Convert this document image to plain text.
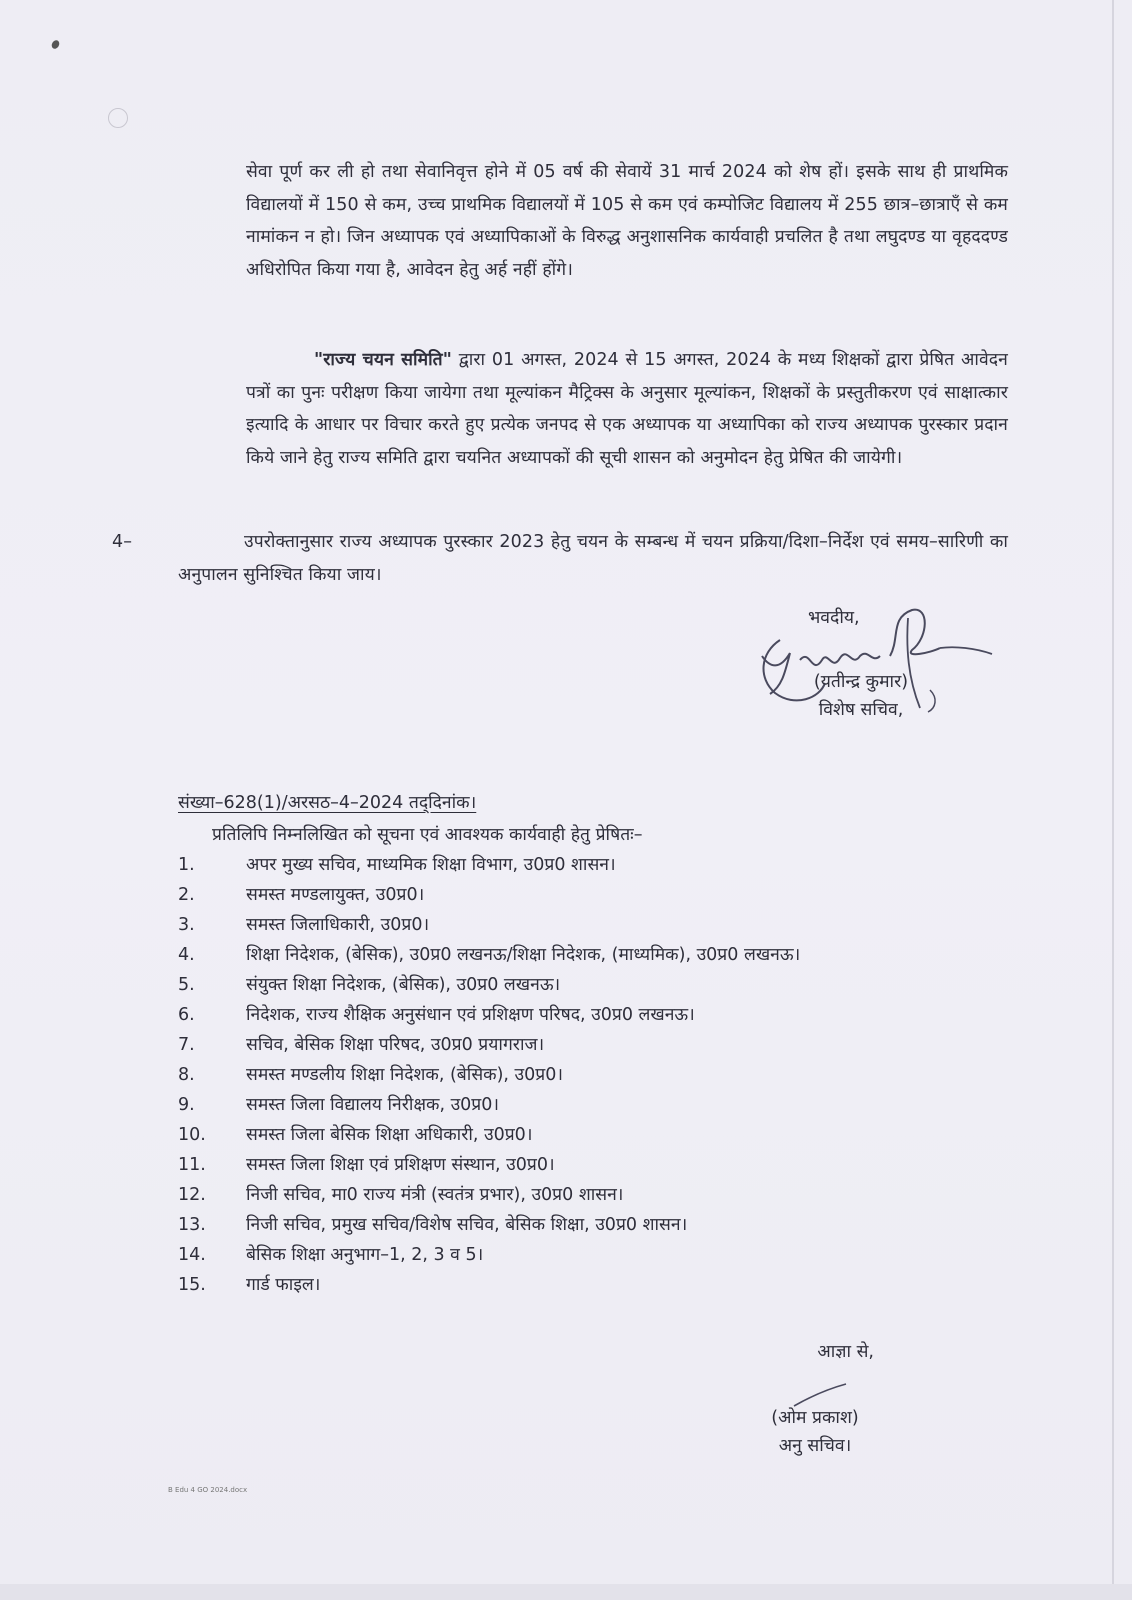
सेवा पूर्ण कर ली हो तथा सेवानिवृत्त होने में 05 वर्ष की सेवायें 31 मार्च 2024 को शेष हों। इसके साथ ही प्राथमिक विद्यालयों में 150 से कम, उच्च प्राथमिक विद्यालयों में 105 से कम एवं कम्पोजिट विद्यालय में 255 छात्र–छात्राएँ से कम नामांकन न हो। जिन अध्यापक एवं अध्यापिकाओं के विरुद्ध अनुशासनिक कार्यवाही प्रचलित है तथा लघुदण्ड या वृहददण्ड अधिरोपित किया गया है, आवेदन हेतु अर्ह नहीं होंगे।
"राज्य चयन समिति" द्वारा 01 अगस्त, 2024 से 15 अगस्त, 2024 के मध्य शिक्षकों द्वारा प्रेषित आवेदन पत्रों का पुनः परीक्षण किया जायेगा तथा मूल्यांकन मैट्रिक्स के अनुसार मूल्यांकन, शिक्षकों के प्रस्तुतीकरण एवं साक्षात्कार इत्यादि के आधार पर विचार करते हुए प्रत्येक जनपद से एक अध्यापक या अध्यापिका को राज्य अध्यापक पुरस्कार प्रदान किये जाने हेतु राज्य समिति द्वारा चयनित अध्यापकों की सूची शासन को अनुमोदन हेतु प्रेषित की जायेगी।
4–	उपरोक्तानुसार राज्य अध्यापक पुरस्कार 2023 हेतु चयन के सम्बन्ध में चयन प्रक्रिया/दिशा–निर्देश एवं समय–सारिणी का अनुपालन सुनिश्चित किया जाय।
भवदीय,
(यतीन्द्र कुमार)
विशेष सचिव,
संख्या–628(1)/अरसठ–4–2024 तद्‌दिनांक।
प्रतिलिपि निम्नलिखित को सूचना एवं आवश्यक कार्यवाही हेतु प्रेषितः–
1.	अपर मुख्य सचिव, माध्यमिक शिक्षा विभाग, उ0प्र0 शासन।
2.	समस्त मण्डलायुक्त, उ0प्र0।
3.	समस्त जिलाधिकारी, उ0प्र0।
4.	शिक्षा निदेशक, (बेसिक), उ0प्र0 लखनऊ/शिक्षा निदेशक, (माध्यमिक), उ0प्र0 लखनऊ।
5.	संयुक्त शिक्षा निदेशक, (बेसिक), उ0प्र0 लखनऊ।
6.	निदेशक, राज्य शैक्षिक अनुसंधान एवं प्रशिक्षण परिषद, उ0प्र0 लखनऊ।
7.	सचिव, बेसिक शिक्षा परिषद, उ0प्र0 प्रयागराज।
8.	समस्त मण्डलीय शिक्षा निदेशक, (बेसिक), उ0प्र0।
9.	समस्त जिला विद्यालय निरीक्षक, उ0प्र0।
10.	समस्त जिला बेसिक शिक्षा अधिकारी, उ0प्र0।
11.	समस्त जिला शिक्षा एवं प्रशिक्षण संस्थान, उ0प्र0।
12.	निजी सचिव, मा0 राज्य मंत्री (स्वतंत्र प्रभार), उ0प्र0 शासन।
13.	निजी सचिव, प्रमुख सचिव/विशेष सचिव, बेसिक शिक्षा, उ0प्र0 शासन।
14.	बेसिक शिक्षा अनुभाग–1, 2, 3 व 5।
15.	गार्ड फाइल।
आज्ञा से,
(ओम प्रकाश)
अनु सचिव।
B Edu 4 GO 2024.docx
